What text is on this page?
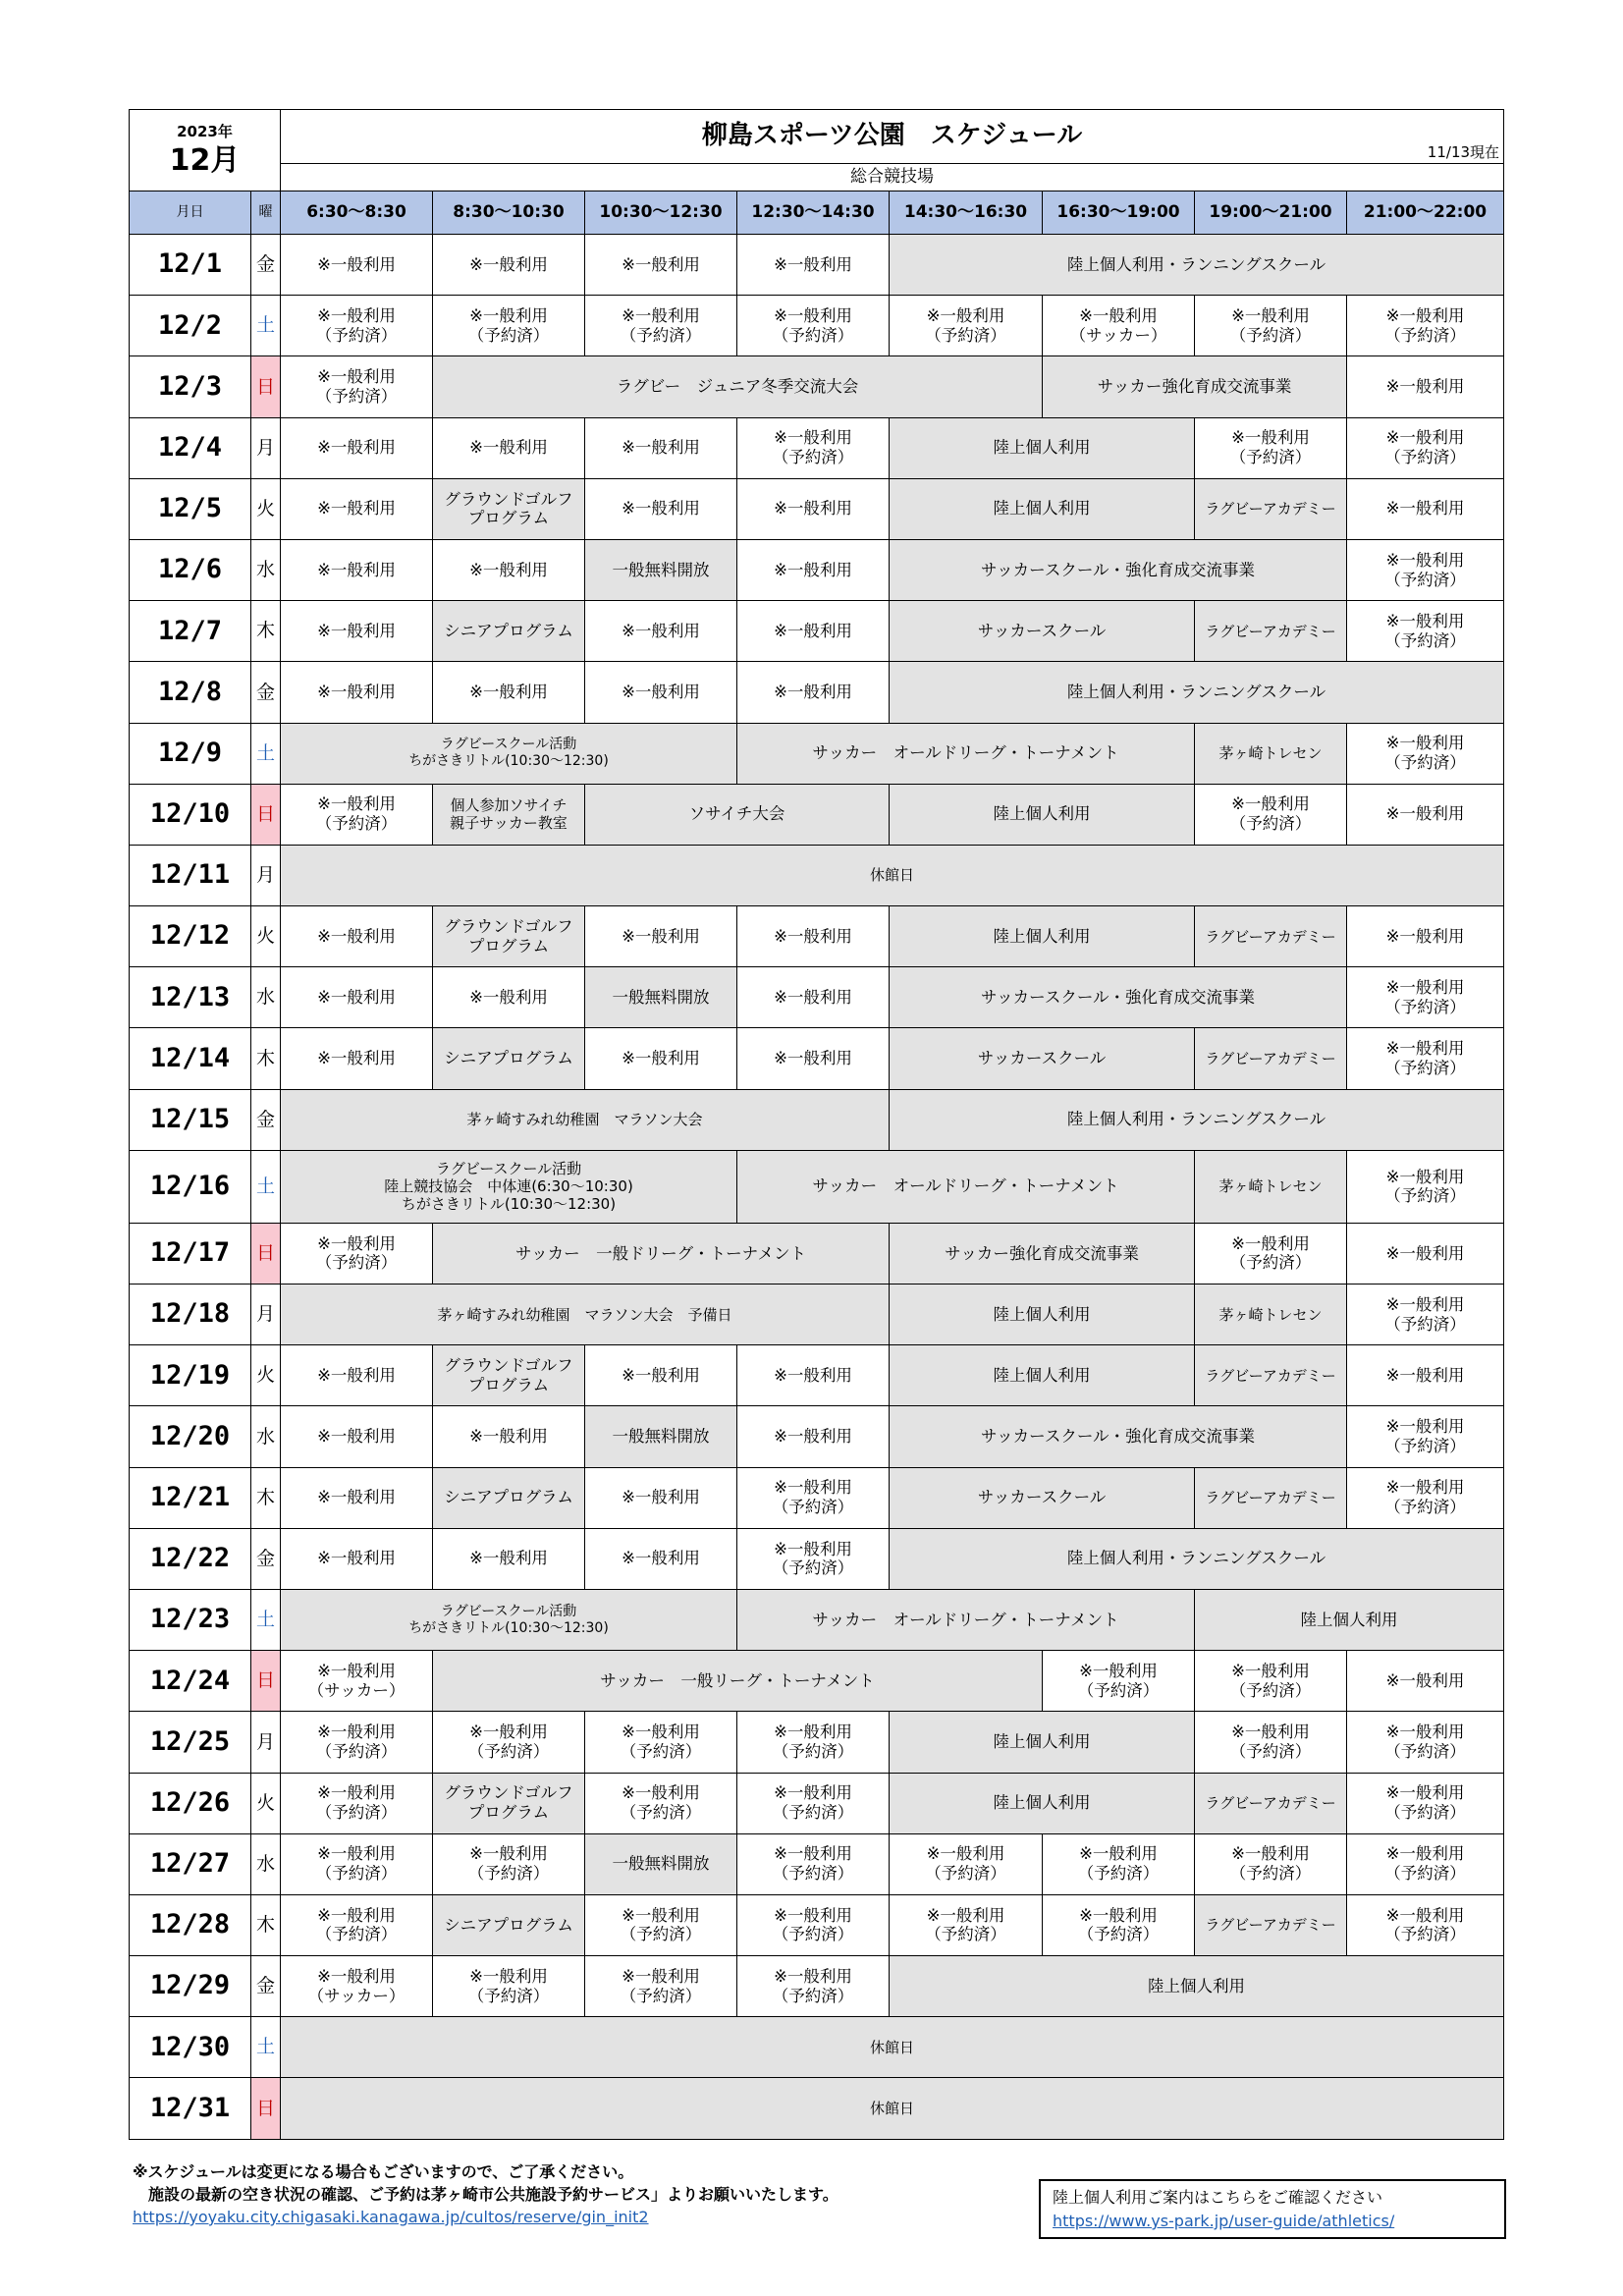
2023年

12月		柳島スポーツ公園　スケジュール
11/13現在							

		総合競技場							
月日	曜	6:30～8:30	8:30～10:30	10:30～12:30	12:30～14:30	14:30～16:30	16:30～19:00	19:00～21:00	21:00～22:00
12/1	金	※一般利用	※一般利用	※一般利用	※一般利用	陸上個人利用・ランニングスクール			
12/2	土	※一般利用
（予約済）	※一般利用
（予約済）	※一般利用
（予約済）	※一般利用
（予約済）	※一般利用
（予約済）	※一般利用
（サッカー）	※一般利用
（予約済）	※一般利用
（予約済）
12/3	日	※一般利用
（予約済）	ラグビー　ジュニア冬季交流大会				サッカー強化育成交流事業		※一般利用
12/4	月	※一般利用	※一般利用	※一般利用	※一般利用
（予約済）	陸上個人利用		※一般利用
（予約済）	※一般利用
（予約済）
12/5	火	※一般利用	グラウンドゴルフ
プログラム	※一般利用	※一般利用	陸上個人利用		ラグビーアカデミー	※一般利用
12/6	水	※一般利用	※一般利用	一般無料開放	※一般利用	サッカースクール・強化育成交流事業			※一般利用
（予約済）
12/7	木	※一般利用	シニアプログラム	※一般利用	※一般利用	サッカースクール		ラグビーアカデミー	※一般利用
（予約済）
12/8	金	※一般利用	※一般利用	※一般利用	※一般利用	陸上個人利用・ランニングスクール			
12/9	土	ラグビースクール活動
ちがさきリトル(10:30～12:30)			サッカー　オールドリーグ・トーナメント			茅ヶ崎トレセン	※一般利用
（予約済）
12/10	日	※一般利用
（予約済）	個人参加ソサイチ
親子サッカー教室	ソサイチ大会		陸上個人利用		※一般利用
（予約済）	※一般利用
12/11	月	休館日							
12/12	火	※一般利用	グラウンドゴルフ
プログラム	※一般利用	※一般利用	陸上個人利用		ラグビーアカデミー	※一般利用
12/13	水	※一般利用	※一般利用	一般無料開放	※一般利用	サッカースクール・強化育成交流事業			※一般利用
（予約済）
12/14	木	※一般利用	シニアプログラム	※一般利用	※一般利用	サッカースクール		ラグビーアカデミー	※一般利用
（予約済）
12/15	金	茅ヶ崎すみれ幼稚園　マラソン大会				陸上個人利用・ランニングスクール			
12/16	土	ラグビースクール活動
陸上競技協会　中体連(6:30～10:30)
ちがさきリトル(10:30～12:30)			サッカー　オールドリーグ・トーナメント			茅ヶ崎トレセン	※一般利用
（予約済）
12/17	日	※一般利用
（予約済）	サッカー　一般ドリーグ・トーナメント			サッカー強化育成交流事業		※一般利用
（予約済）	※一般利用
12/18	月	茅ヶ崎すみれ幼稚園　マラソン大会　予備日				陸上個人利用		茅ヶ崎トレセン	※一般利用
（予約済）
12/19	火	※一般利用	グラウンドゴルフ
プログラム	※一般利用	※一般利用	陸上個人利用		ラグビーアカデミー	※一般利用
12/20	水	※一般利用	※一般利用	一般無料開放	※一般利用	サッカースクール・強化育成交流事業			※一般利用
（予約済）
12/21	木	※一般利用	シニアプログラム	※一般利用	※一般利用
（予約済）	サッカースクール		ラグビーアカデミー	※一般利用
（予約済）
12/22	金	※一般利用	※一般利用	※一般利用	※一般利用
（予約済）	陸上個人利用・ランニングスクール			
12/23	土	ラグビースクール活動
ちがさきリトル(10:30～12:30)			サッカー　オールドリーグ・トーナメント			陸上個人利用	
12/24	日	※一般利用
（サッカー）	サッカー　一般リーグ・トーナメント				※一般利用
（予約済）	※一般利用
（予約済）	※一般利用
12/25	月	※一般利用
（予約済）	※一般利用
（予約済）	※一般利用
（予約済）	※一般利用
（予約済）	陸上個人利用		※一般利用
（予約済）	※一般利用
（予約済）
12/26	火	※一般利用
（予約済）	グラウンドゴルフ
プログラム	※一般利用
（予約済）	※一般利用
（予約済）	陸上個人利用		ラグビーアカデミー	※一般利用
（予約済）
12/27	水	※一般利用
（予約済）	※一般利用
（予約済）	一般無料開放	※一般利用
（予約済）	※一般利用
（予約済）	※一般利用
（予約済）	※一般利用
（予約済）	※一般利用
（予約済）
12/28	木	※一般利用
（予約済）	シニアプログラム	※一般利用
（予約済）	※一般利用
（予約済）	※一般利用
（予約済）	※一般利用
（予約済）	ラグビーアカデミー	※一般利用
（予約済）
12/29	金	※一般利用
（サッカー）	※一般利用
（予約済）	※一般利用
（予約済）	※一般利用
（予約済）	陸上個人利用			
12/30	土	休館日							
12/31	日	休館日							
※スケジュールは変更になる場合もございますので、ご了承ください。
　施設の最新の空き状況の確認、ご予約は茅ヶ崎市公共施設予約サービス」よりお願いいたします。
https://yoyaku.city.chigasaki.kanagawa.jp/cultos/reserve/gin_init2
陸上個人利用ご案内はこちらをご確認ください
https://www.ys-park.jp/user-guide/athletics/
